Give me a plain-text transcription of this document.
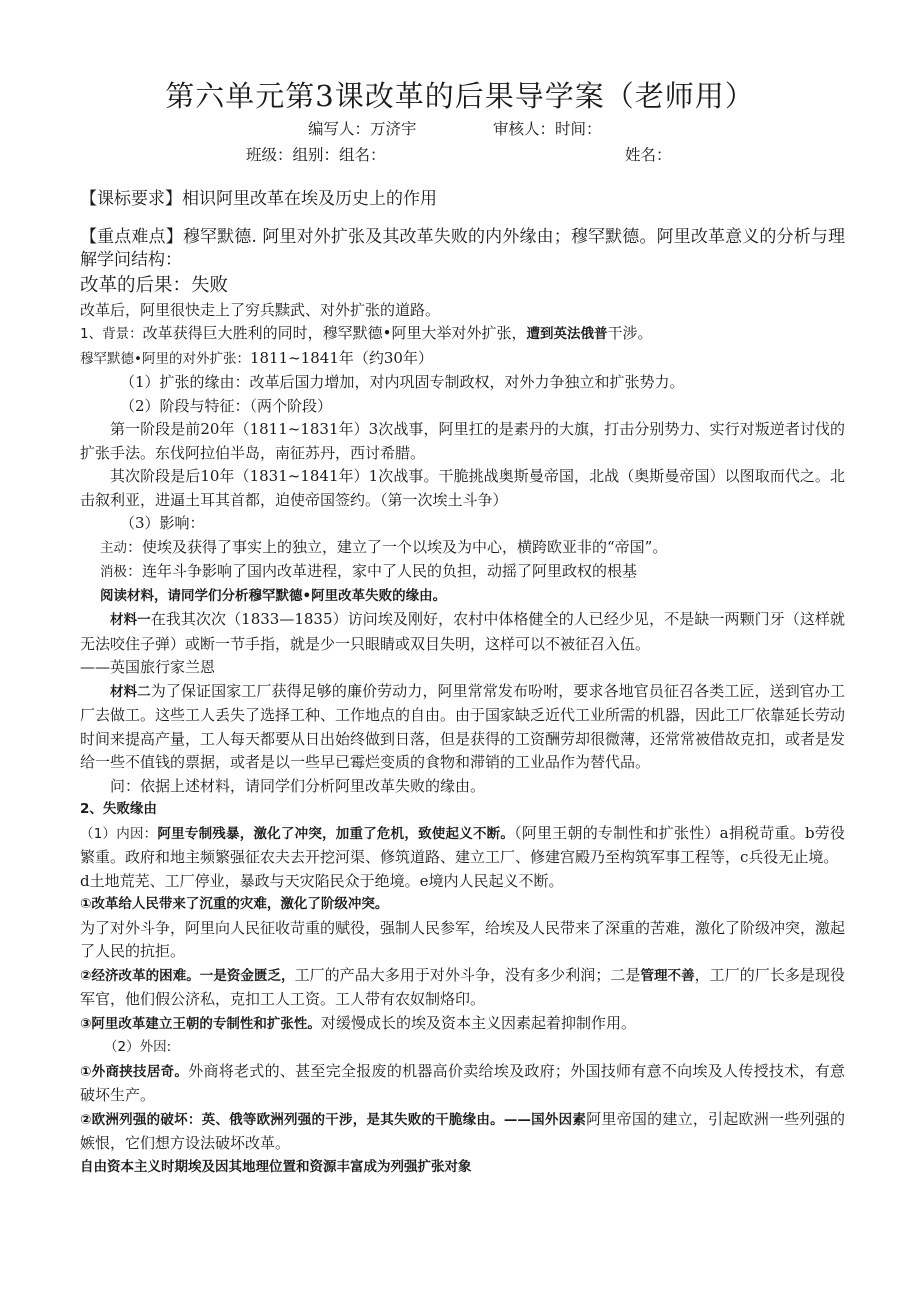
第六单元第3课改革的后果导学案（老师用）
编写人：万济宇	审核人：时间：
班级：组别：组名：	姓名：

【课标要求】相识阿里改革在埃及历史上的作用

【重点难点】穆罕默德. 阿里对外扩张及其改革失败的内外缘由；穆罕默德。阿里改革意义的分析与理解学问结构：

改革的后果：失败

改革后，阿里很快走上了穷兵黩武、对外扩张的道路。

1、背景：改革获得巨大胜利的同时，穆罕默德•阿里大举对外扩张，遭到英法俄普干涉。

穆罕默德•阿里的对外扩张：1811~1841年（约30年）

（1）扩张的缘由：改革后国力增加，对内巩固专制政权，对外力争独立和扩张势力。

（2）阶段与特征：（两个阶段）

第一阶段是前20年（1811~1831年）3次战事，阿里扛的是素丹的大旗，打击分别势力、实行对叛逆者讨伐的扩张手法。东伐阿拉伯半岛，南征苏丹，西讨希腊。

其次阶段是后10年（1831~1841年）1次战事。干脆挑战奥斯曼帝国，北战（奥斯曼帝国）以图取而代之。北击叙利亚，进逼土耳其首都，迫使帝国签约。（第一次埃土斗争）

（3）影响：

主动：使埃及获得了事实上的独立，建立了一个以埃及为中心，横跨欧亚非的“帝国”。

消极：连年斗争影响了国内改革进程，家中了人民的负担，动摇了阿里政权的根基

阅读材料，请同学们分析穆罕默德•阿里改革失败的缘由。

材料一在我其次次（1833—1835）访问埃及刚好，农村中体格健全的人已经少见，不是缺一两颗门牙（这样就无法咬住子弹）或断一节手指，就是少一只眼睛或双目失明，这样可以不被征召入伍。

——英国旅行家兰恩

材料二为了保证国家工厂获得足够的廉价劳动力，阿里常常发布吩咐，要求各地官员征召各类工匠，送到官办工厂去做工。这些工人丢失了选择工种、工作地点的自由。由于国家缺乏近代工业所需的机器，因此工厂依靠延长劳动时间来提高产量，工人每天都要从日出始终做到日落，但是获得的工资酬劳却很微薄，还常常被借故克扣，或者是发给一些不值钱的票据，或者是以一些早已霉烂变质的食物和滞销的工业品作为替代品。

问：依据上述材料，请同学们分析阿里改革失败的缘由。

2、失败缘由

（1）内因：阿里专制残暴，激化了冲突，加重了危机，致使起义不断。（阿里王朝的专制性和扩张性）a捐税苛重。b劳役繁重。政府和地主频繁强征农夫去开挖河渠、修筑道路、建立工厂、修建宫殿乃至构筑军事工程等，c兵役无止境。

d土地荒芜、工厂停业，暴政与天灾陷民众于绝境。e境内人民起义不断。

①改革给人民带来了沉重的灾难，激化了阶级冲突。

为了对外斗争，阿里向人民征收苛重的赋役，强制人民参军，给埃及人民带来了深重的苦难，激化了阶级冲突，激起了人民的抗拒。

②经济改革的困难。一是资金匮乏，工厂的产品大多用于对外斗争，没有多少利润；二是管理不善，工厂的厂长多是现役军官，他们假公济私，克扣工人工资。工人带有农奴制烙印。

③阿里改革建立王朝的专制性和扩张性。对缓慢成长的埃及资本主义因素起着抑制作用。

（2）外因:

①外商挟技居奇。外商将老式的、甚至完全报废的机器高价卖给埃及政府；外国技师有意不向埃及人传授技术，有意破坏生产。

②欧洲列强的破坏：英、俄等欧洲列强的干涉，是其失败的干脆缘由。——国外因素阿里帝国的建立，引起欧洲一些列强的嫉恨，它们想方设法破坏改革。

自由资本主义时期埃及因其地理位置和资源丰富成为列强扩张对象
